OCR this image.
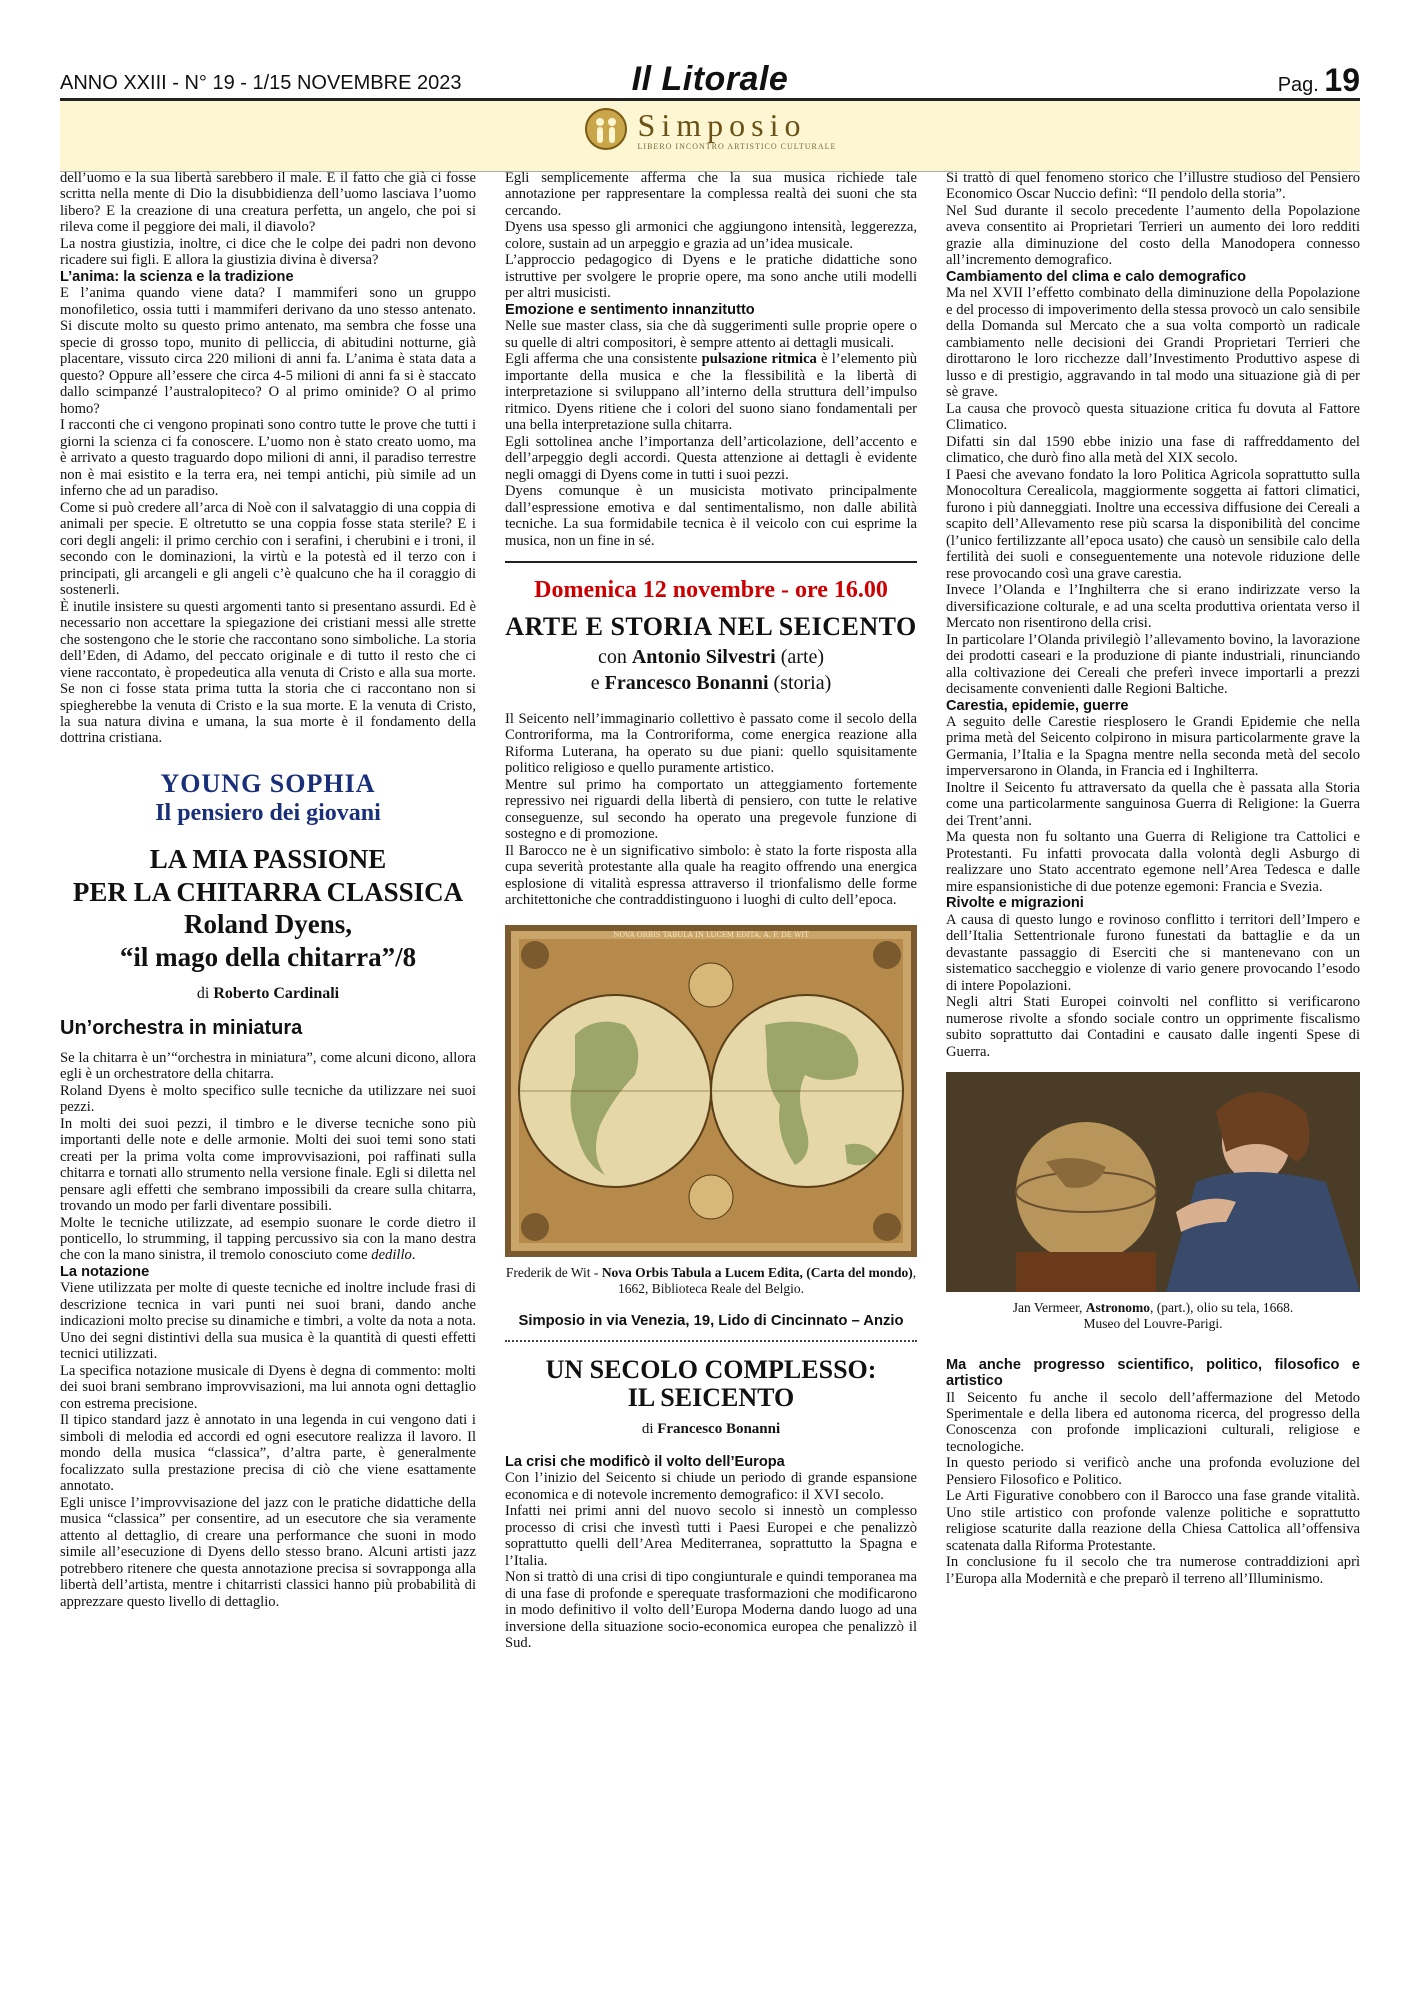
ANNO XXIII - N° 19 - 1/15 NOVEMBRE 2023	Il Litorale	Pag. 19

Simposio
LIBERO INCONTRO ARTISTICO CULTURALE

dell’uomo e la sua libertà sarebbero il male. E il fatto che già ci fosse scritta nella mente di Dio la disubbidienza dell’uomo lasciava l’uomo libero? E la creazione di una creatura perfetta, un angelo, che poi si rileva come il peggiore dei mali, il diavolo?

La nostra giustizia, inoltre, ci dice che le colpe dei padri non devono ricadere sui figli. E allora la giustizia divina è diversa?

L’anima: la scienza e la tradizione

E l’anima quando viene data? I mammiferi sono un gruppo monofiletico, ossia tutti i mammiferi derivano da uno stesso antenato. Si discute molto su questo primo antenato, ma sembra che fosse una specie di grosso topo, munito di pelliccia, di abitudini notturne, già placentare, vissuto circa 220 milioni di anni fa. L’anima è stata data a questo? Oppure all’essere che circa 4-5 milioni di anni fa si è staccato dallo scimpanzé l’australopiteco? O al primo ominide? O al primo homo?

I racconti che ci vengono propinati sono contro tutte le prove che tutti i giorni la scienza ci fa conoscere. L’uomo non è stato creato uomo, ma è arrivato a questo traguardo dopo milioni di anni, il paradiso terrestre non è mai esistito e la terra era, nei tempi antichi, più simile ad un inferno che ad un paradiso.

Come si può credere all’arca di Noè con il salvataggio di una coppia di animali per specie. E oltretutto se una coppia fosse stata sterile? E i cori degli angeli: il primo cerchio con i serafini, i cherubini e i troni, il secondo con le dominazioni, la virtù e la potestà ed il terzo con i principati, gli arcangeli e gli angeli c’è qualcuno che ha il coraggio di sostenerli.

È inutile insistere su questi argomenti tanto si presentano assurdi. Ed è necessario non accettare la spiegazione dei cristiani messi alle strette che sostengono che le storie che raccontano sono simboliche. La storia dell’Eden, di Adamo, del peccato originale e di tutto il resto che ci viene raccontato, è propedeutica alla venuta di Cristo e alla sua morte. Se non ci fosse stata prima tutta la storia che ci raccontano non si spiegherebbe la venuta di Cristo e la sua morte. E la venuta di Cristo, la sua natura divina e umana, la sua morte è il fondamento della dottrina cristiana.

YOUNG SOPHIA
Il pensiero dei giovani
LA MIA PASSIONE
PER LA CHITARRA CLASSICA
Roland Dyens,
“il mago della chitarra”/8
di Roberto Cardinali
Un’orchestra in miniatura

Se la chitarra è un’“orchestra in miniatura”, come alcuni dicono, allora egli è un orchestratore della chitarra.

Roland Dyens è molto specifico sulle tecniche da utilizzare nei suoi pezzi.

In molti dei suoi pezzi, il timbro e le diverse tecniche sono più importanti delle note e delle armonie. Molti dei suoi temi sono stati creati per la prima volta come improvvisazioni, poi raffinati sulla chitarra e tornati allo strumento nella versione finale. Egli si diletta nel pensare agli effetti che sembrano impossibili da creare sulla chitarra, trovando un modo per farli diventare possibili.

Molte le tecniche utilizzate, ad esempio suonare le corde dietro il ponticello, lo strumming, il tapping percussivo sia con la mano destra che con la mano sinistra, il tremolo conosciuto come dedillo.

La notazione

Viene utilizzata per molte di queste tecniche ed inoltre include frasi di descrizione tecnica in vari punti nei suoi brani, dando anche indicazioni molto precise su dinamiche e timbri, a volte da nota a nota. Uno dei segni distintivi della sua musica è la quantità di questi effetti tecnici utilizzati.

La specifica notazione musicale di Dyens è degna di commento: molti dei suoi brani sembrano improvvisazioni, ma lui annota ogni dettaglio con estrema precisione.

Il tipico standard jazz è annotato in una legenda in cui vengono dati i simboli di melodia ed accordi ed ogni esecutore realizza il lavoro. Il mondo della musica “classica”, d’altra parte, è generalmente focalizzato sulla prestazione precisa di ciò che viene esattamente annotato.

Egli unisce l’improvvisazione del jazz con le pratiche didattiche della musica “classica” per consentire, ad un esecutore che sia veramente attento al dettaglio, di creare una performance che suoni in modo simile all’esecuzione di Dyens dello stesso brano. Alcuni artisti jazz potrebbero ritenere che questa annotazione precisa si sovrapponga alla libertà dell’artista, mentre i chitarristi classici hanno più probabilità di apprezzare questo livello di dettaglio.

Egli semplicemente afferma che la sua musica richiede tale annotazione per rappresentare la complessa realtà dei suoni che sta cercando.

Dyens usa spesso gli armonici che aggiungono intensità, leggerezza, colore, sustain ad un arpeggio e grazia ad un’idea musicale.

L’approccio pedagogico di Dyens e le pratiche didattiche sono istruttive per svolgere le proprie opere, ma sono anche utili modelli per altri musicisti.

Emozione e sentimento innanzitutto

Nelle sue master class, sia che dà suggerimenti sulle proprie opere o su quelle di altri compositori, è sempre attento ai dettagli musicali.

Egli afferma che una consistente pulsazione ritmica è l’elemento più importante della musica e che la flessibilità e la libertà di interpretazione si sviluppano all’interno della struttura dell’impulso ritmico. Dyens ritiene che i colori del suono siano fondamentali per una bella interpretazione sulla chitarra.

Egli sottolinea anche l’importanza dell’articolazione, dell’accento e dell’arpeggio degli accordi. Questa attenzione ai dettagli è evidente negli omaggi di Dyens come in tutti i suoi pezzi.

Dyens comunque è un musicista motivato principalmente dall’espressione emotiva e dal sentimentalismo, non dalle abilità tecniche. La sua formidabile tecnica è il veicolo con cui esprime la musica, non un fine in sé.

Domenica 12 novembre - ore 16.00
ARTE E STORIA NEL SEICENTO
con Antonio Silvestri (arte)
e Francesco Bonanni (storia)

Il Seicento nell’immaginario collettivo è passato come il secolo della Controriforma, ma la Controriforma, come energica reazione alla Riforma Luterana, ha operato su due piani: quello squisitamente politico religioso e quello puramente artistico.

Mentre sul primo ha comportato un atteggiamento fortemente repressivo nei riguardi della libertà di pensiero, con tutte le relative conseguenze, sul secondo ha operato una pregevole funzione di sostegno e di promozione.

Il Barocco ne è un significativo simbolo: è stato la forte risposta alla cupa severità protestante alla quale ha reagito offrendo una energica esplosione di vitalità espressa attraverso il trionfalismo delle forme architettoniche che contraddistinguono i luoghi di culto dell’epoca.

NOVA ORBIS TABULA IN LUCEM EDITA, A. F. DE WIT
Frederik de Wit - Nova Orbis Tabula a Lucem Edita, (Carta del mondo), 1662, Biblioteca Reale del Belgio.
Simposio in via Venezia, 19, Lido di Cincinnato – Anzio
UN SECOLO COMPLESSO:
IL SEICENTO
di Francesco Bonanni
La crisi che modificò il volto dell’Europa

Con l’inizio del Seicento si chiude un periodo di grande espansione economica e di notevole incremento demografico: il XVI secolo.

Infatti nei primi anni del nuovo secolo si innestò un complesso processo di crisi che investì tutti i Paesi Europei e che penalizzò soprattutto quelli dell’Area Mediterranea, soprattutto la Spagna e l’Italia.

Non si trattò di una crisi di tipo congiunturale e quindi temporanea ma di una fase di profonde e sperequate trasformazioni che modificarono in modo definitivo il volto dell’Europa Moderna dando luogo ad una inversione della situazione socio-economica europea che penalizzò il Sud.

Si trattò di quel fenomeno storico che l’illustre studioso del Pensiero Economico Oscar Nuccio definì: “Il pendolo della storia”.

Nel Sud durante il secolo precedente l’aumento della Popolazione aveva consentito ai Proprietari Terrieri un aumento dei loro redditi grazie alla diminuzione del costo della Manodopera connesso all’incremento demografico.

Cambiamento del clima e calo demografico

Ma nel XVII l’effetto combinato della diminuzione della Popolazione e del processo di impoverimento della stessa provocò un calo sensibile della Domanda sul Mercato che a sua volta comportò un radicale cambiamento nelle decisioni dei Grandi Proprietari Terrieri che dirottarono le loro ricchezze dall’Investimento Produttivo aspese di lusso e di prestigio, aggravando in tal modo una situazione già di per sè grave.

La causa che provocò questa situazione critica fu dovuta al Fattore Climatico.

Difatti sin dal 1590 ebbe inizio una fase di raffreddamento del climatico, che durò fino alla metà del XIX secolo.

I Paesi che avevano fondato la loro Politica Agricola soprattutto sulla Monocoltura Cerealicola, maggiormente soggetta ai fattori climatici, furono i più danneggiati. Inoltre una eccessiva diffusione dei Cereali a scapito dell’Allevamento rese più scarsa la disponibilità del concime (l’unico fertilizzante all’epoca usato) che causò un sensibile calo della fertilità dei suoli e conseguentemente una notevole riduzione delle rese provocando così una grave carestia.

Invece l’Olanda e l’Inghilterra che si erano indirizzate verso la diversificazione colturale, e ad una scelta produttiva orientata verso il Mercato non risentirono della crisi.

In particolare l’Olanda privilegiò l’allevamento bovino, la lavorazione dei prodotti caseari e la produzione di piante industriali, rinunciando alla coltivazione dei Cereali che preferì invece importarli a prezzi decisamente convenienti dalle Regioni Baltiche.

Carestia, epidemie, guerre

A seguito delle Carestie riesplosero le Grandi Epidemie che nella prima metà del Seicento colpirono in misura particolarmente grave la Germania, l’Italia e la Spagna mentre nella seconda metà del secolo imperversarono in Olanda, in Francia ed i Inghilterra.

Inoltre il Seicento fu attraversato da quella che è passata alla Storia come una particolarmente sanguinosa Guerra di Religione: la Guerra dei Trent’anni.

Ma questa non fu soltanto una Guerra di Religione tra Cattolici e Protestanti. Fu infatti provocata dalla volontà degli Asburgo di realizzare uno Stato accentrato egemone nell’Area Tedesca e dalle mire espansionistiche di due potenze egemoni: Francia e Svezia.

Rivolte e migrazioni

A causa di questo lungo e rovinoso conflitto i territori dell’Impero e dell’Italia Settentrionale furono funestati da battaglie e da un devastante passaggio di Eserciti che si mantenevano con un sistematico saccheggio e violenze di vario genere provocando l’esodo di intere Popolazioni.

Negli altri Stati Europei coinvolti nel conflitto si verificarono numerose rivolte a sfondo sociale contro un opprimente fiscalismo subito soprattutto dai Contadini e causato dalle ingenti Spese di Guerra.

Jan Vermeer, Astronomo, (part.), olio su tela, 1668.
Museo del Louvre-Parigi.
Ma anche progresso scientifico, politico, filosofico e artistico

Il Seicento fu anche il secolo dell’affermazione del Metodo Sperimentale e della libera ed autonoma ricerca, del progresso della Conoscenza con profonde implicazioni culturali, religiose e tecnologiche.

In questo periodo si verificò anche una profonda evoluzione del Pensiero Filosofico e Politico.

Le Arti Figurative conobbero con il Barocco una fase grande vitalità. Uno stile artistico con profonde valenze politiche e soprattutto religiose scaturite dalla reazione della Chiesa Cattolica all’offensiva scatenata dalla Riforma Protestante.

In conclusione fu il secolo che tra numerose contraddizioni aprì l’Europa alla Modernità e che preparò il terreno all’Illuminismo.
